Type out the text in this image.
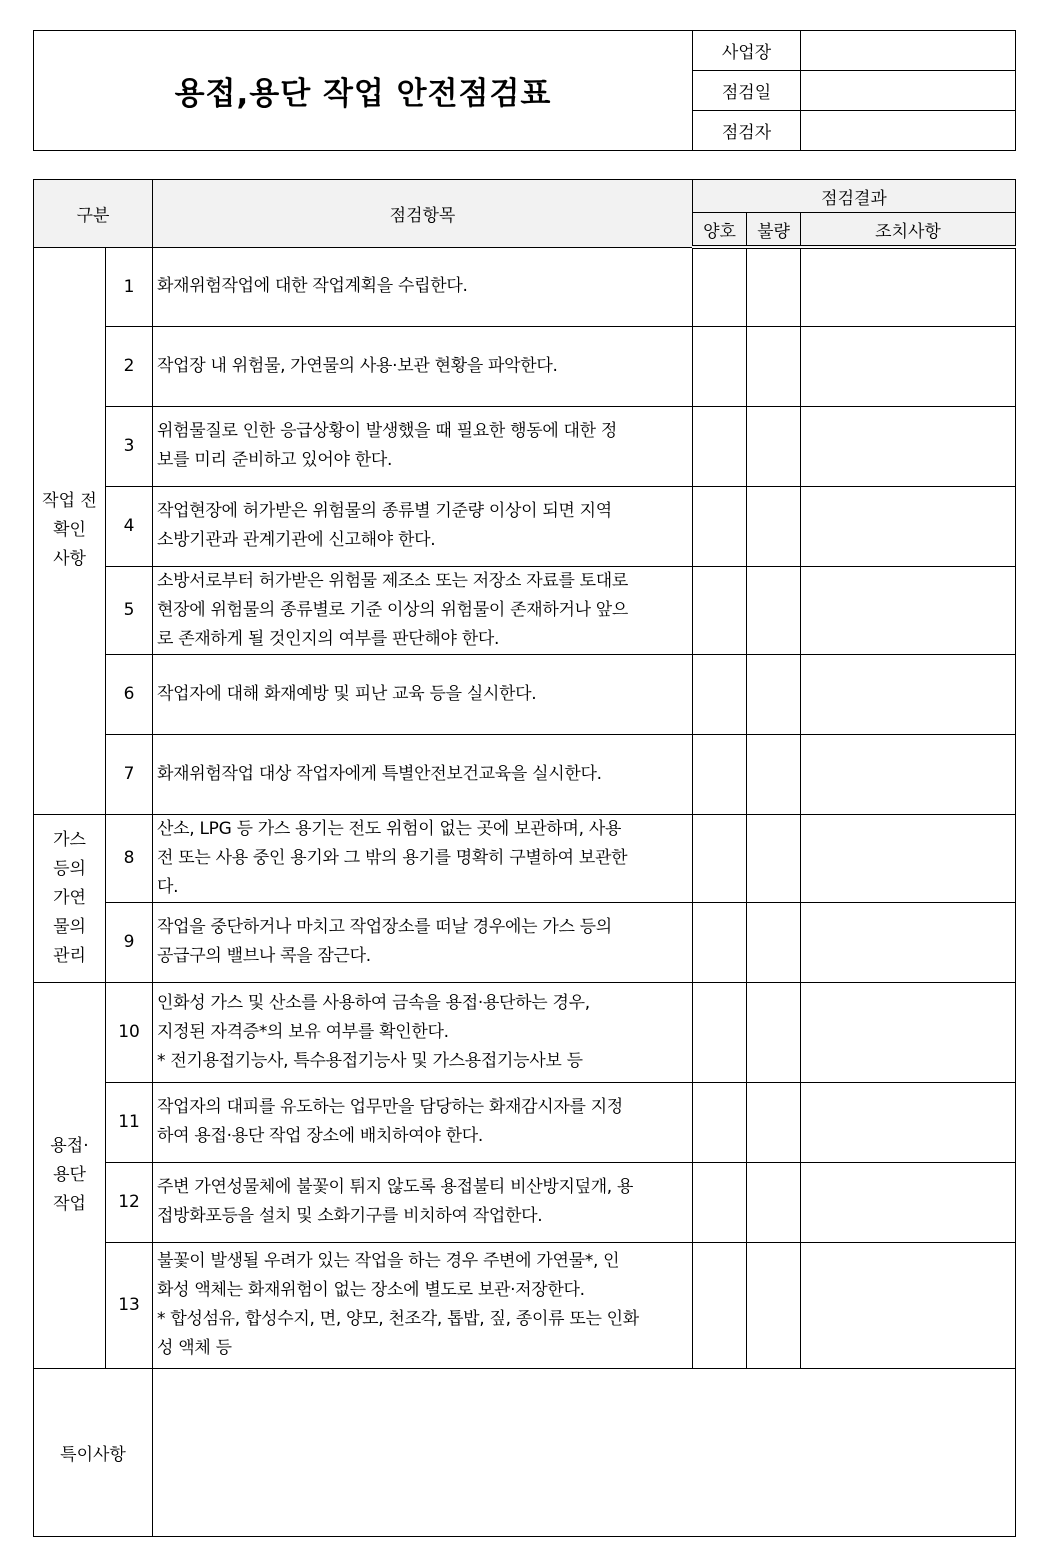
용접,용단 작업 안전점검표	사업장	
	점검일	
	점검자	
구분		점검항목	점검결과		
			양호	불량	조치사항
작업 전
확인
사항	1	화재위험작업에 대한 작업계획을 수립한다.			
	2	작업장 내 위험물, 가연물의 사용·보관 현황을 파악한다.			
	3	위험물질로 인한 응급상황이 발생했을 때 필요한 행동에 대한 정
보를 미리 준비하고 있어야 한다.			
	4	작업현장에 허가받은 위험물의 종류별 기준량 이상이 되면 지역
소방기관과 관계기관에 신고해야 한다.			
	5	소방서로부터 허가받은 위험물 제조소 또는 저장소 자료를 토대로
현장에 위험물의 종류별로 기준 이상의 위험물이 존재하거나 앞으
로 존재하게 될 것인지의 여부를 판단해야 한다.			
	6	작업자에 대해 화재예방 및 피난 교육 등을 실시한다.			
	7	화재위험작업 대상 작업자에게 특별안전보건교육을 실시한다.			
가스
등의
가연
물의
관리	8	산소, LPG 등 가스 용기는 전도 위험이 없는 곳에 보관하며, 사용
전 또는 사용 중인 용기와 그 밖의 용기를 명확히 구별하여 보관한
다.			
	9	작업을 중단하거나 마치고 작업장소를 떠날 경우에는 가스 등의
공급구의 밸브나 콕을 잠근다.			
용접·
용단
작업	10	인화성 가스 및 산소를 사용하여 금속을 용접·용단하는 경우,
지정된 자격증*의 보유 여부를 확인한다.
* 전기용접기능사, 특수용접기능사 및 가스용접기능사보 등			
	11	작업자의 대피를 유도하는 업무만을 담당하는 화재감시자를 지정
하여 용접·용단 작업 장소에 배치하여야 한다.			
	12	주변 가연성물체에 불꽃이 튀지 않도록 용접불티 비산방지덮개, 용
접방화포등을 설치 및 소화기구를 비치하여 작업한다.			
	13	불꽃이 발생될 우려가 있는 작업을 하는 경우 주변에 가연물*, 인
화성 액체는 화재위험이 없는 장소에 별도로 보관·저장한다.
* 합성섬유, 합성수지, 면, 양모, 천조각, 톱밥, 짚, 종이류 또는 인화
성 액체 등			
특이사항					
